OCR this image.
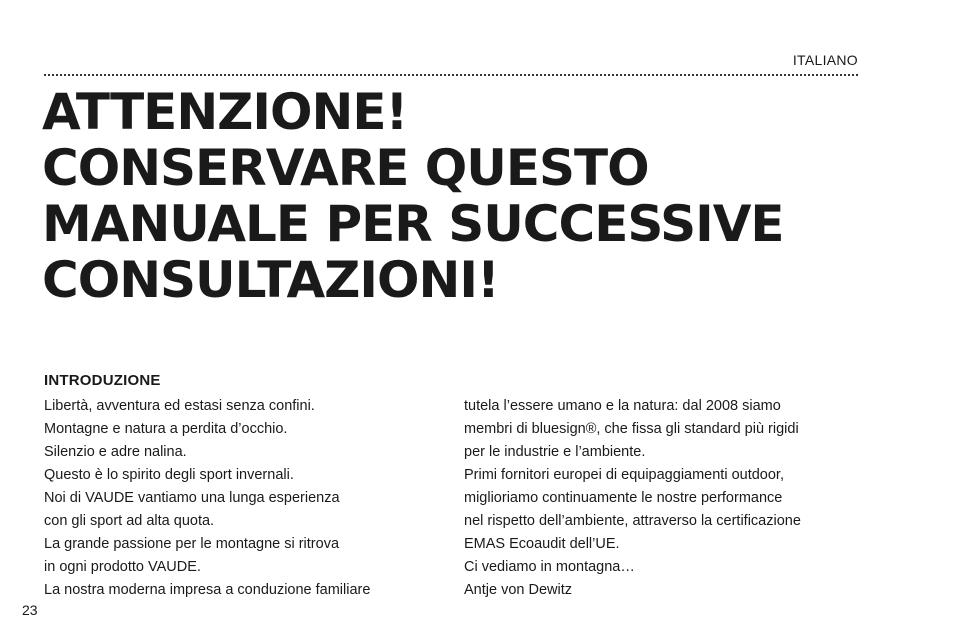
ITALIANO
ATTENZIONE!
CONSERVARE QUESTO
MANUALE PER SUCCESSIVE
CONSULTAZIONI!
INTRODUZIONE
Libertà, avventura ed estasi senza confini.
Montagne e natura a perdita d’occhio.
Silenzio e adre nalina.
Questo è lo spirito degli sport invernali.
Noi di VAUDE vantiamo una lunga esperienza
con gli sport ad alta quota.
La grande passione per le montagne si ritrova
in ogni prodotto VAUDE.
La nostra moderna impresa a conduzione familiare
tutela l’essere umano e la natura: dal 2008 siamo
membri di bluesign®, che fissa gli standard più rigidi
per le industrie e l’ambiente.
Primi fornitori europei di equipaggiamenti outdoor,
miglioriamo continuamente le nostre performance
nel rispetto dell’ambiente, attraverso la certificazione
EMAS Ecoaudit dell’UE.
Ci vediamo in montagna…
Antje von Dewitz
23
